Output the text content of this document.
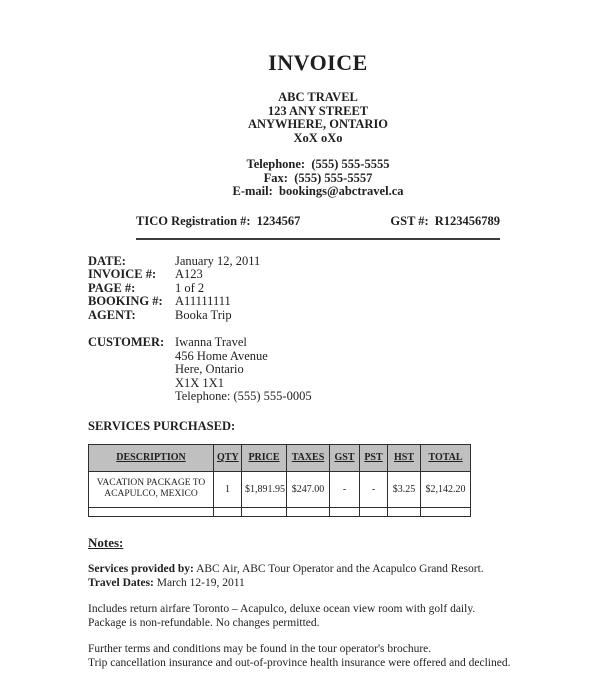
INVOICE
ABC TRAVEL
123 ANY STREET
ANYWHERE, ONTARIO
XoX oXo
Telephone: (555) 555-5555
Fax: (555) 555-5557
E-mail: bookings@abctravel.ca
TICO Registration #: 1234567	GST #: R123456789
DATE:	January 12, 2011
INVOICE #:	A123
PAGE #:	1 of 2
BOOKING #: A11111111
AGENT:	Booka Trip
CUSTOMER: Iwanna Travel
456 Home Avenue
Here, Ontario
X1X 1X1
Telephone: (555) 555-0005
SERVICES PURCHASED:
DESCRIPTION	QTY	PRICE	TAXES	GST	PST	HST	TOTAL
VACATION PACKAGE TO ACAPULCO, MEXICO	1	$1,891.95	$247.00	-	-	$3.25	$2,142.20

Notes:
Services provided by: ABC Air, ABC Tour Operator and the Acapulco Grand Resort.
Travel Dates: March 12-19, 2011
Includes return airfare Toronto – Acapulco, deluxe ocean view room with golf daily.
Package is non-refundable. No changes permitted.
Further terms and conditions may be found in the tour operator's brochure.
Trip cancellation insurance and out-of-province health insurance were offered and declined.
